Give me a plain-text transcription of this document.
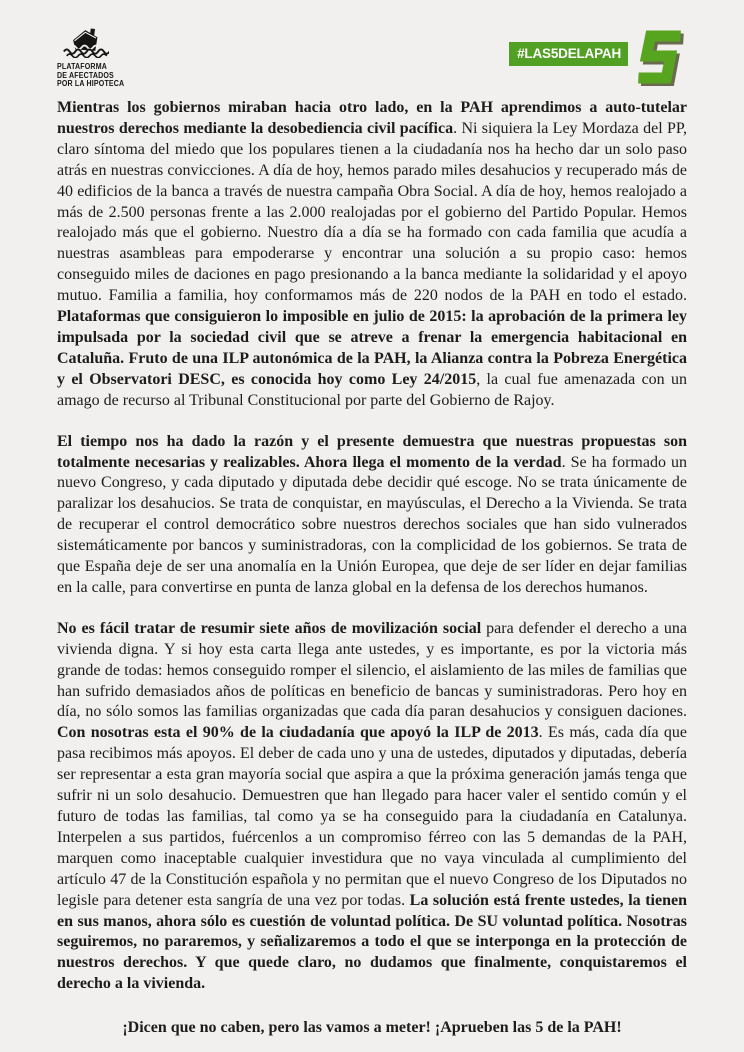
PLATAFORMA
DE AFECTADOS
POR LA HIPOTECA
#LAS5DELAPAH

Mientras los gobiernos miraban hacia otro lado, en la PAH aprendimos a auto-tutelar nuestros derechos mediante la desobediencia civil pacífica. Ni siquiera la Ley Mordaza del PP, claro síntoma del miedo que los populares tienen a la ciudadanía nos ha hecho dar un solo paso atrás en nuestras convicciones. A día de hoy, hemos parado miles desahucios y recuperado más de 40 edificios de la banca a través de nuestra campaña Obra Social. A día de hoy, hemos realojado a más de 2.500 personas frente a las 2.000 realojadas por el gobierno del Partido Popular. Hemos realojado más que el gobierno. Nuestro día a día se ha formado con cada familia que acudía a nuestras asambleas para empoderarse y encontrar una solución a su propio caso: hemos conseguido miles de daciones en pago presionando a la banca mediante la solidaridad y el apoyo mutuo. Familia a familia, hoy conformamos más de 220 nodos de la PAH en todo el estado. Plataformas que consiguieron lo imposible en julio de 2015: la aprobación de la primera ley impulsada por la sociedad civil que se atreve a frenar la emergencia habitacional en Cataluña. Fruto de una ILP autonómica de la PAH, la Alianza contra la Pobreza Energética y el Observatori DESC, es conocida hoy como Ley 24/2015, la cual fue amenazada con un amago de recurso al Tribunal Constitucional por parte del Gobierno de Rajoy.

El tiempo nos ha dado la razón y el presente demuestra que nuestras propuestas son totalmente necesarias y realizables. Ahora llega el momento de la verdad. Se ha formado un nuevo Congreso, y cada diputado y diputada debe decidir qué escoge. No se trata únicamente de paralizar los desahucios. Se trata de conquistar, en mayúsculas, el Derecho a la Vivienda. Se trata de recuperar el control democrático sobre nuestros derechos sociales que han sido vulnerados sistemáticamente por bancos y suministradoras, con la complicidad de los gobiernos. Se trata de que España deje de ser una anomalía en la Unión Europea, que deje de ser líder en dejar familias en la calle, para convertirse en punta de lanza global en la defensa de los derechos humanos.

No es fácil tratar de resumir siete años de movilización social para defender el derecho a una vivienda digna. Y si hoy esta carta llega ante ustedes, y es importante, es por la victoria más grande de todas: hemos conseguido romper el silencio, el aislamiento de las miles de familias que han sufrido demasiados años de políticas en beneficio de bancas y suministradoras. Pero hoy en día, no sólo somos las familias organizadas que cada día paran desahucios y consiguen daciones. Con nosotras esta el 90% de la ciudadanía que apoyó la ILP de 2013. Es más, cada día que pasa recibimos más apoyos. El deber de cada uno y una de ustedes, diputados y diputadas, debería ser representar a esta gran mayoría social que aspira a que la próxima generación jamás tenga que sufrir ni un solo desahucio. Demuestren que han llegado para hacer valer el sentido común y el futuro de todas las familias, tal como ya se ha conseguido para la ciudadanía en Catalunya. Interpelen a sus partidos, fuércenlos a un compromiso férreo con las 5 demandas de la PAH, marquen como inaceptable cualquier investidura que no vaya vinculada al cumplimiento del artículo 47 de la Constitución española y no permitan que el nuevo Congreso de los Diputados no legisle para detener esta sangría de una vez por todas. La solución está frente ustedes, la tienen en sus manos, ahora sólo es cuestión de voluntad política. De SU voluntad política. Nosotras seguiremos, no pararemos, y señalizaremos a todo el que se interponga en la protección de nuestros derechos. Y que quede claro, no dudamos que finalmente, conquistaremos el derecho a la vivienda.

¡Dicen que no caben, pero las vamos a meter! ¡Aprueben las 5 de la PAH!
